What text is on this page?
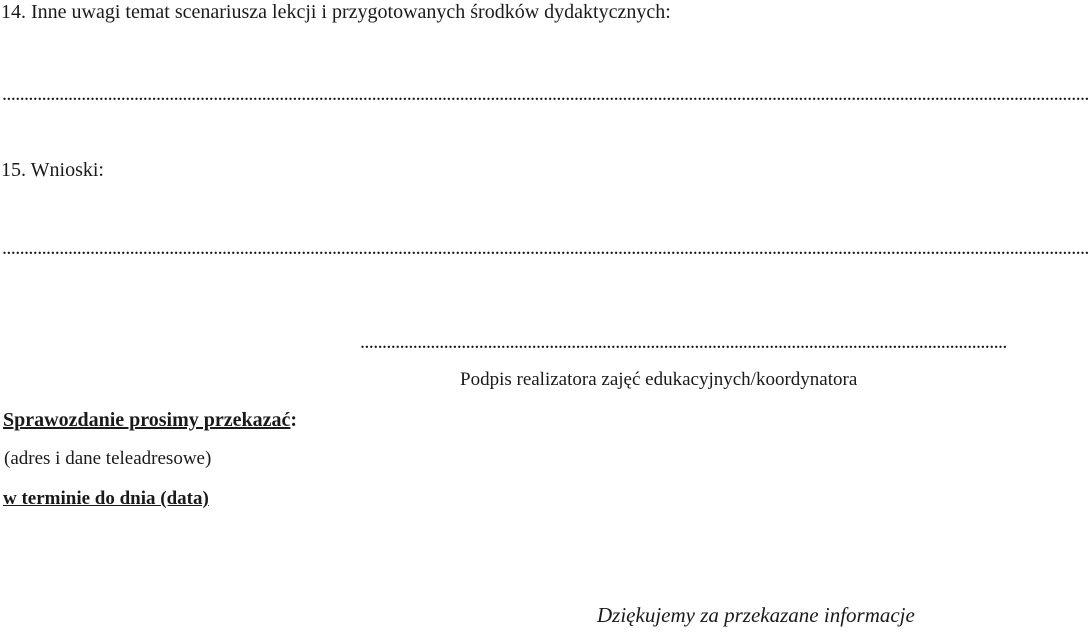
14. Inne uwagi temat scenariusza lekcji i przygotowanych środków dydaktycznych:
.......................................................................................................................................................................................................................................................
15. Wnioski:
.......................................................................................................................................................................................................................................................
...................................................................................................................................................
Podpis realizatora zajęć edukacyjnych/koordynatora
Sprawozdanie prosimy przekazać:
(adres i dane teleadresowe)
w terminie do dnia (data)
Dziękujemy za przekazane informacje
